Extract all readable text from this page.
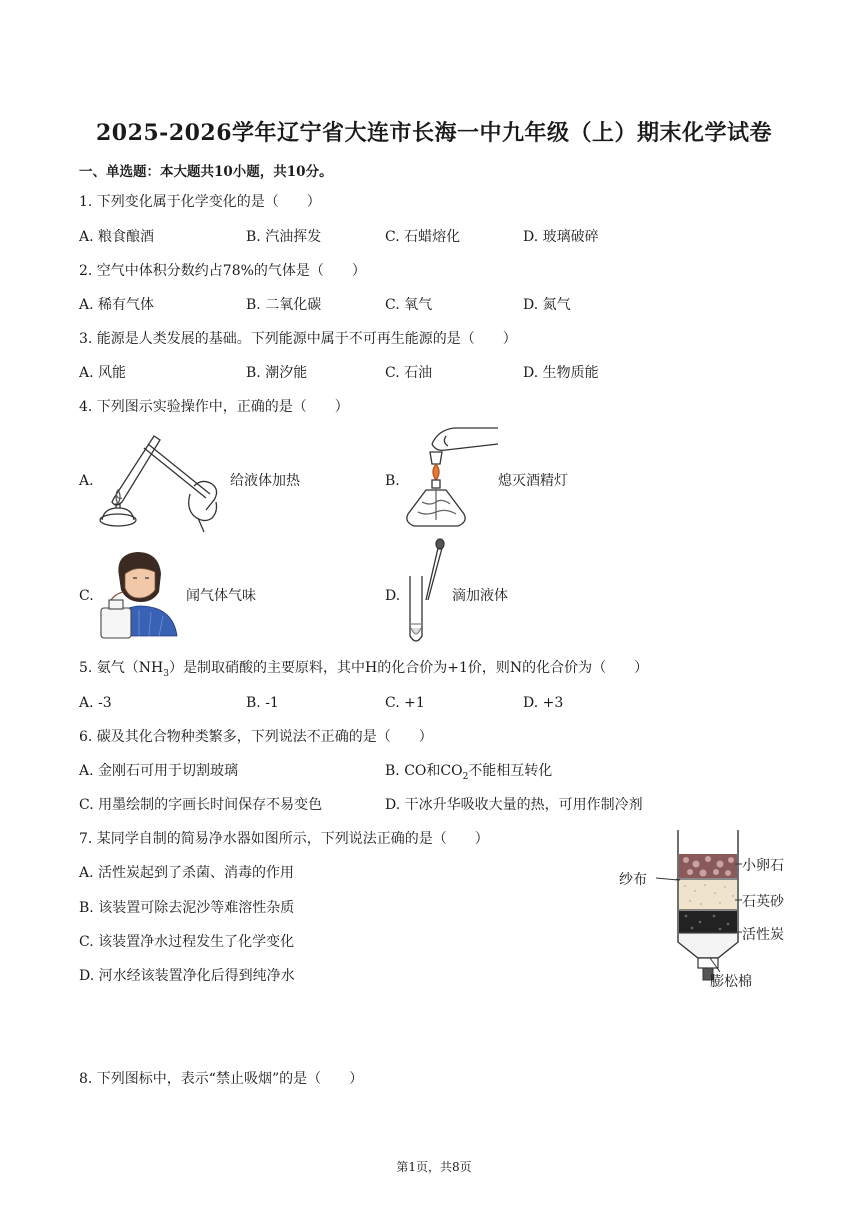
2025-2026学年辽宁省大连市长海一中九年级（上）期末化学试卷
一、单选题：本大题共10小题，共10分。
1. 下列变化属于化学变化的是（　　）
A. 粮食酿酒	B. 汽油挥发	C. 石蜡熔化	D. 玻璃破碎
2. 空气中体积分数约占78%的气体是（　　）
A. 稀有气体	B. 二氧化碳	C. 氧气	D. 氮气
3. 能源是人类发展的基础。下列能源中属于不可再生能源的是（　　）
A. 风能	B. 潮汐能	C. 石油	D. 生物质能
4. 下列图示实验操作中，正确的是（　　）
A.	给液体加热	B.	熄灭酒精灯
C.	闻气体气味	D.	滴加液体
5. 氨气$(NH_3)$是制取硝酸的主要原料，其中H的化合价为+1价，则N的化合价为（　　）
A. -3	B. -1	C. +1	D. +3
6. 碳及其化合物种类繁多，下列说法不正确的是（　　）
A. 金刚石可用于切割玻璃	B. CO和$CO_2$不能相互转化
C. 用墨绘制的字画长时间保存不易变色	D. 干冰升华吸收大量的热，可用作制冷剂
7. 某同学自制的简易净水器如图所示，下列说法正确的是（　　）
A. 活性炭起到了杀菌、消毒的作用
B. 该装置可除去泥沙等难溶性杂质
C. 该装置净水过程发生了化学变化
D. 河水经该装置净化后得到纯净水
纱布
小卵石
石英砂
活性炭
膨松棉
8. 下列图标中，表示“禁止吸烟”的是（　　）
第1页，共8页
